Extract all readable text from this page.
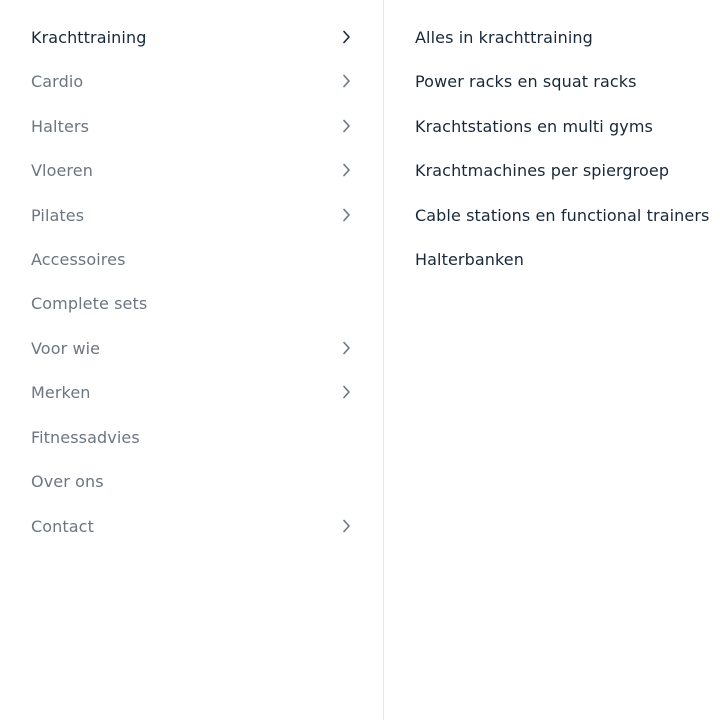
Krachttraining
Cardio
Halters
Vloeren
Pilates
Accessoires
Complete sets
Voor wie
Merken
Fitnessadvies
Over ons
Contact
Alles in krachttraining
Power racks en squat racks
Krachtstations en multi gyms
Krachtmachines per spiergroep
Cable stations en functional trainers
Halterbanken
